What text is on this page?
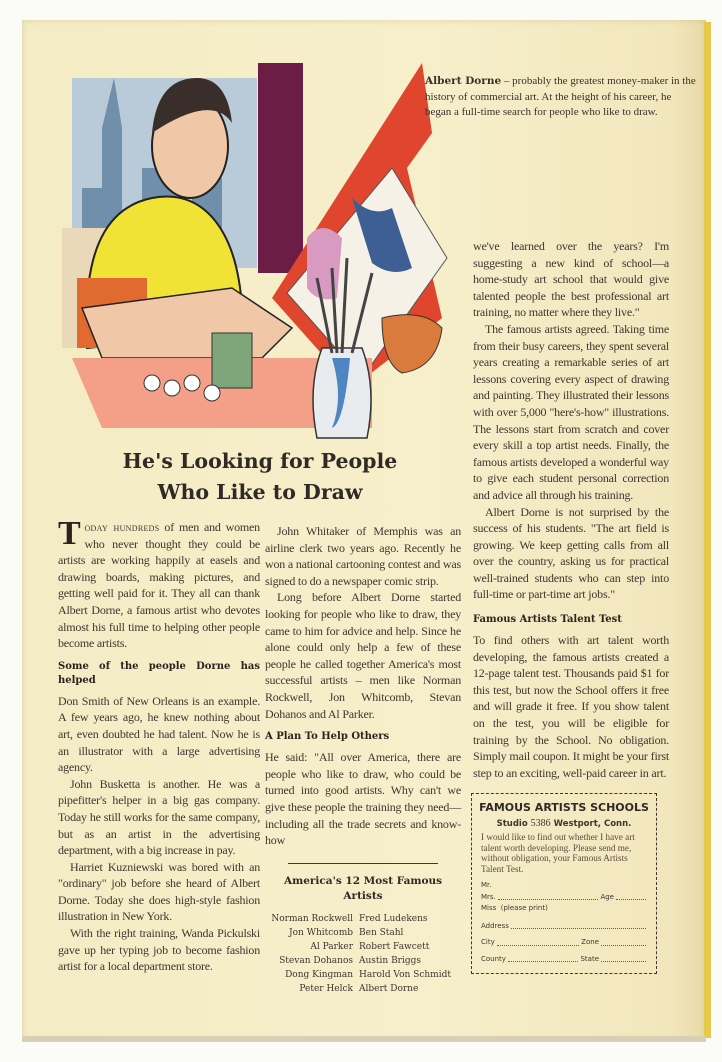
Albert Dorne – probably the greatest money-maker in the history of commercial art. At the height of his career, he began a full-time search for people who like to draw.
He's Looking for People
Who Like to Draw

Today hundreds of men and women who never thought they could be artists are working happily at easels and drawing boards, making pictures, and getting well paid for it. They all can thank Albert Dorne, a famous artist who devotes almost his full time to helping other people become artists.

Some of the people Dorne has helped

Don Smith of New Orleans is an example. A few years ago, he knew nothing about art, even doubted he had talent. Now he is an illustrator with a large advertising agency.

John Busketta is another. He was a pipefitter's helper in a big gas company. Today he still works for the same company, but as an artist in the advertising department, with a big increase in pay.

Harriet Kuzniewski was bored with an "ordinary" job before she heard of Albert Dorne. Today she does high-style fashion illustration in New York.

With the right training, Wanda Pickulski gave up her typing job to become fashion artist for a local department store.

John Whitaker of Memphis was an airline clerk two years ago. Recently he won a national cartooning contest and was signed to do a newspaper comic strip.

Long before Albert Dorne started looking for people who like to draw, they came to him for advice and help. Since he alone could only help a few of these people he called together America's most successful artists – men like Norman Rockwell, Jon Whitcomb, Stevan Dohanos and Al Parker.

A Plan To Help Others

He said: "All over America, there are people who like to draw, who could be turned into good artists. Why can't we give these people the training they need—including all the trade secrets and know-how

America's 12 Most Famous Artists
Norman Rockwell Fred Ludekens
Jon Whitcomb Ben Stahl
Al Parker Robert Fawcett
Stevan Dohanos Austin Briggs
Dong Kingman Harold Von Schmidt
Peter Helck Albert Dorne

we've learned over the years? I'm suggesting a new kind of school—a home-study art school that would give talented people the best professional art training, no matter where they live."

The famous artists agreed. Taking time from their busy careers, they spent several years creating a remarkable series of art lessons covering every aspect of drawing and painting. They illustrated their lessons with over 5,000 "here's-how" illustrations. The lessons start from scratch and cover every skill a top artist needs. Finally, the famous artists developed a wonderful way to give each student personal correction and advice all through his training.

Albert Dorne is not surprised by the success of his students. "The art field is growing. We keep getting calls from all over the country, asking us for practical well-trained students who can step into full-time or part-time art jobs."

Famous Artists Talent Test

To find others with art talent worth developing, the famous artists created a 12-page talent test. Thousands paid $1 for this test, but now the School offers it free and will grade it free. If you show talent on the test, you will be eligible for training by the School. No obligation. Simply mail coupon. It might be your first step to an exciting, well-paid career in art.

FAMOUS ARTISTS SCHOOLS
Studio 5386 Westport, Conn.
I would like to find out whether I have art talent worth developing. Please send me, without obligation, your Famous Artists Talent Test.
Mr.
Mrs.	Age
Miss
(please print)
Address
City	Zone
County	State
